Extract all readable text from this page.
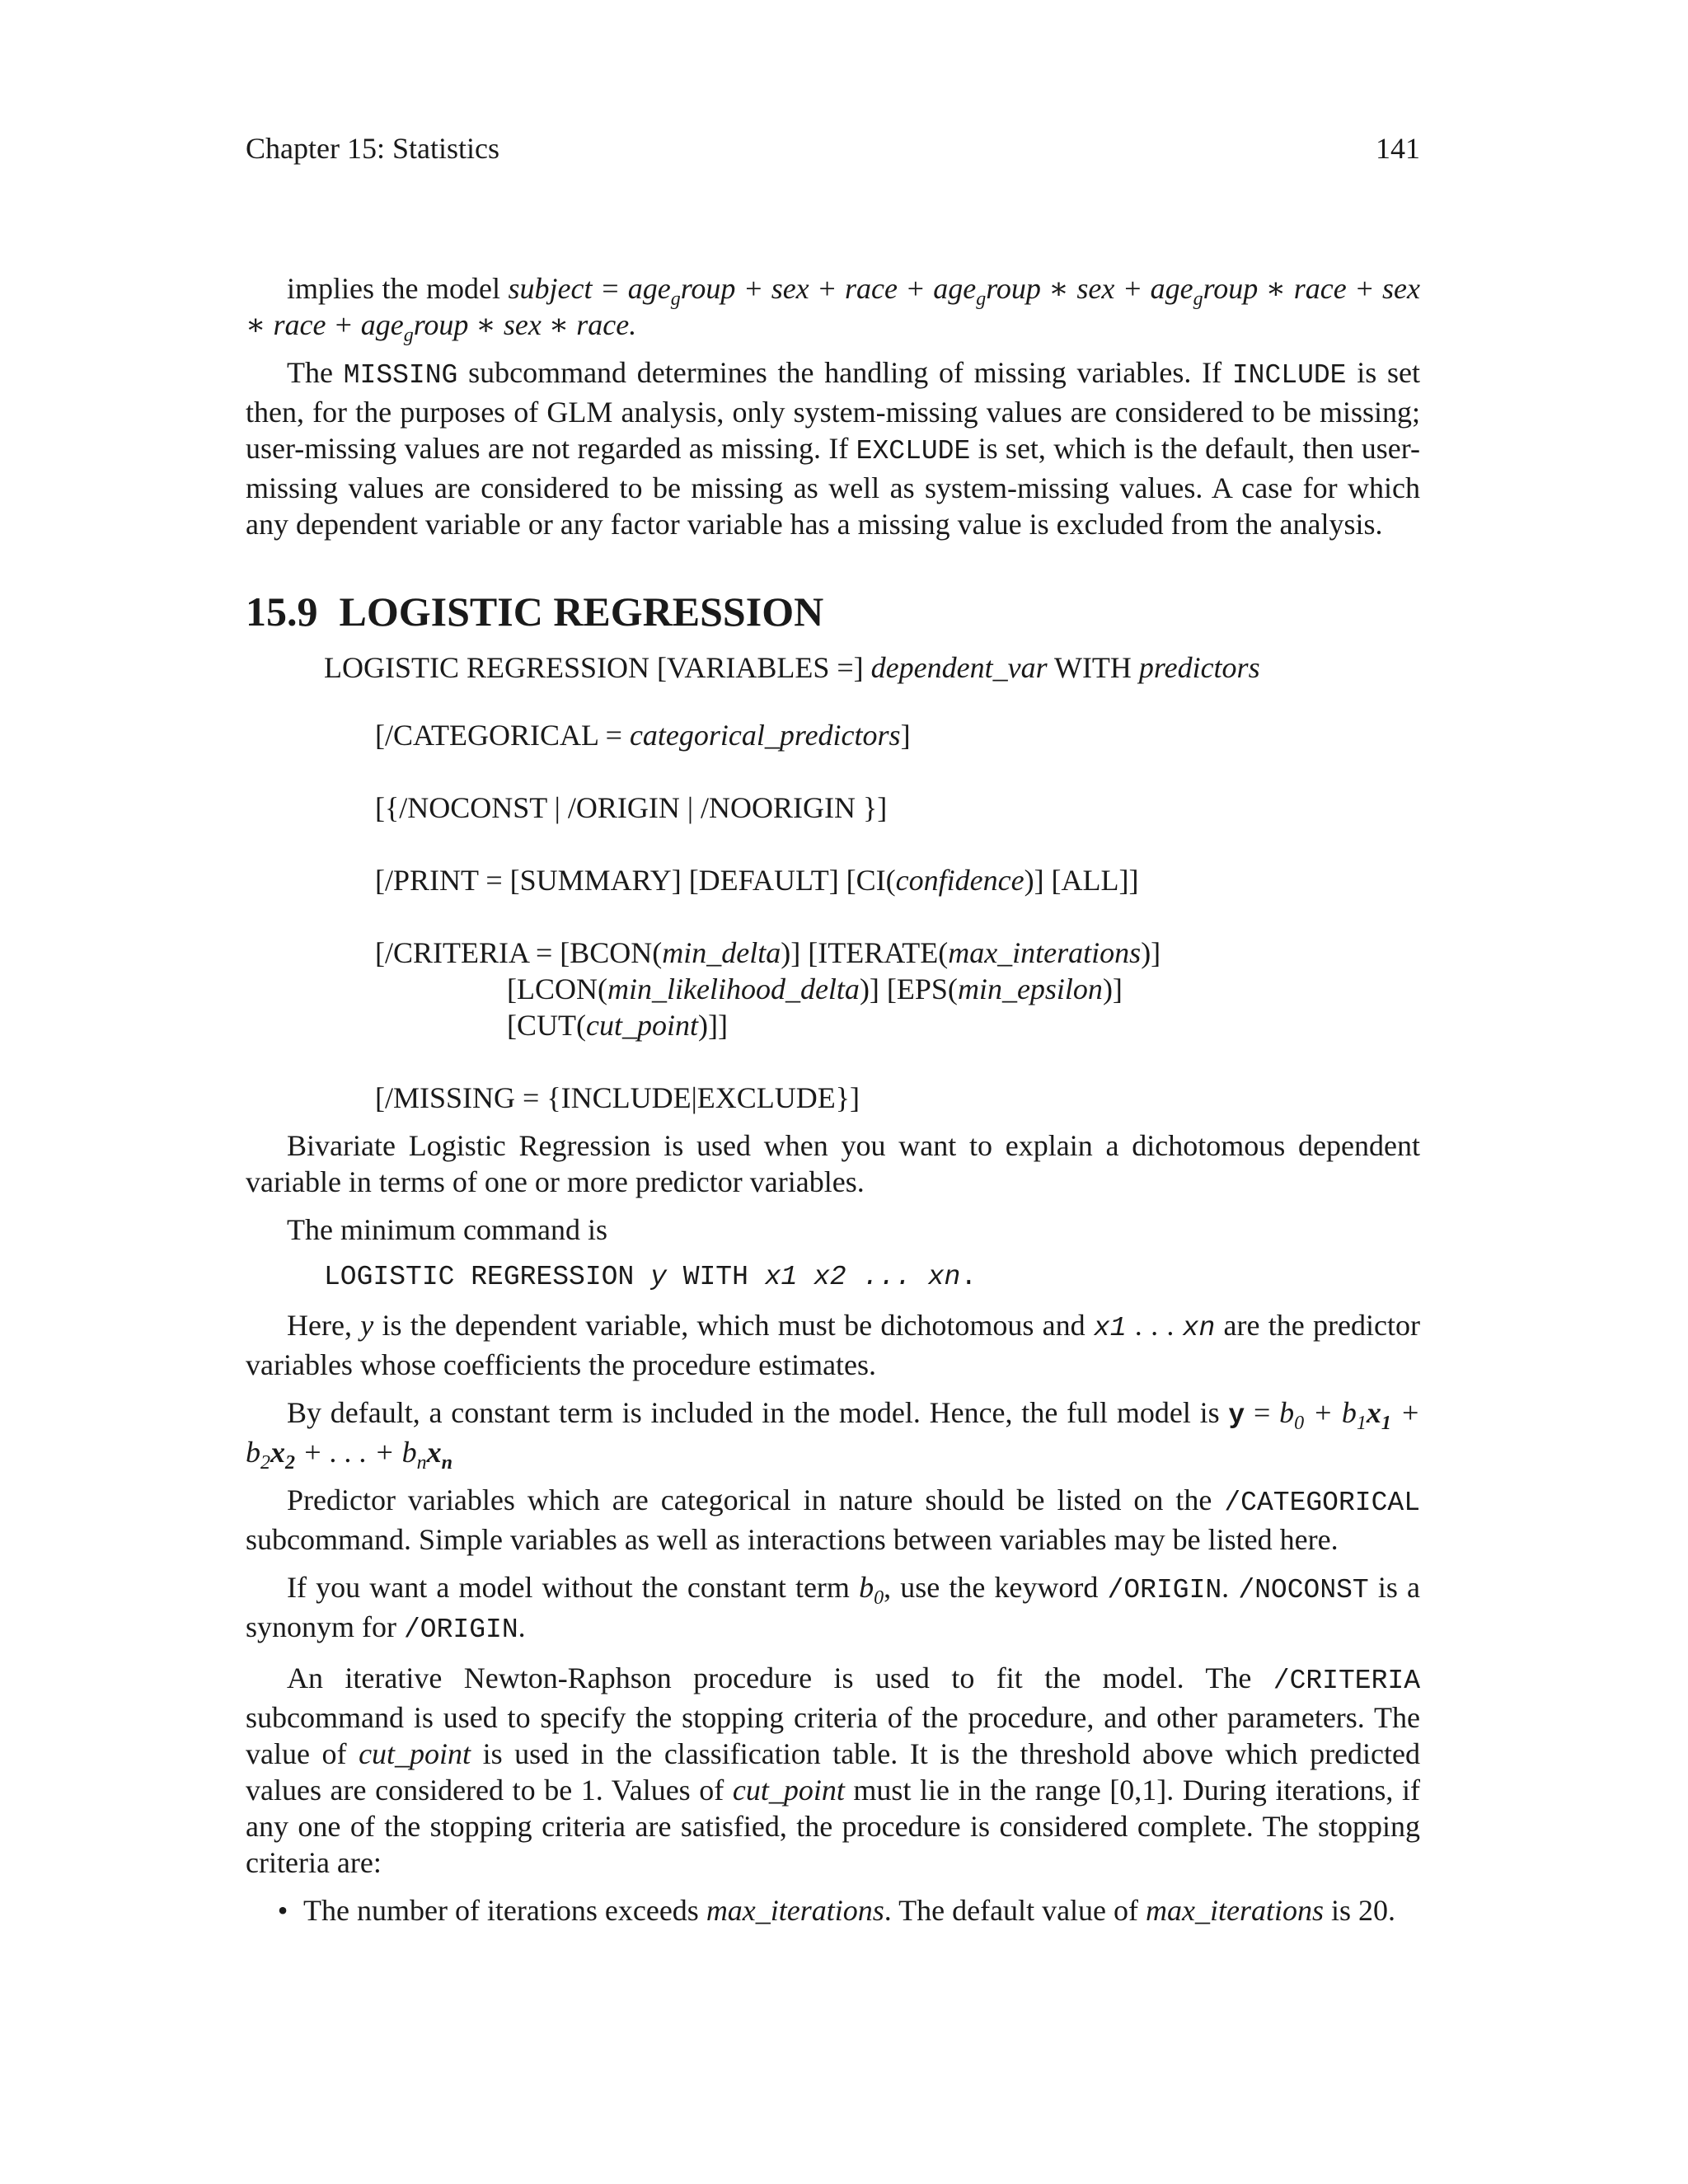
Chapter 15: Statistics	141

implies the model subject = age$_g$roup + sex + race + age$_g$roup ∗ sex + age$_g$roup ∗ race + sex ∗ race + age$_g$roup ∗ sex ∗ race.

The MISSING subcommand determines the handling of missing variables. If INCLUDE is set then, for the purposes of GLM analysis, only system-missing values are considered to be missing; user-missing values are not regarded as missing. If EXCLUDE is set, which is the default, then user-missing values are considered to be missing as well as system-missing values. A case for which any dependent variable or any factor variable has a missing value is excluded from the analysis.

15.9 LOGISTIC REGRESSION
LOGISTIC REGRESSION [VARIABLES =] dependent_var WITH predictors
[/CATEGORICAL = categorical_predictors]
[{/NOCONST | /ORIGIN | /NOORIGIN }]
[/PRINT = [SUMMARY] [DEFAULT] [CI(confidence)] [ALL]]
[/CRITERIA = [BCON(min_delta)] [ITERATE(max_interations)]
[LCON(min_likelihood_delta)] [EPS(min_epsilon)]
[CUT(cut_point)]]
[/MISSING = {INCLUDE|EXCLUDE}]

Bivariate Logistic Regression is used when you want to explain a dichotomous dependent variable in terms of one or more predictor variables.

The minimum command is

LOGISTIC REGRESSION y WITH x1 x2 ... xn.

Here, y is the dependent variable, which must be dichotomous and x1 . . . xn are the predictor variables whose coefficients the procedure estimates.

By default, a constant term is included in the model. Hence, the full model is $y = b_0 + b_1x_1 + b_2x_2$ + . . . + $b_nx_n$

Predictor variables which are categorical in nature should be listed on the /CATEGORICAL subcommand. Simple variables as well as interactions between variables may be listed here.

If you want a model without the constant term $b_0$, use the keyword /ORIGIN. /NOCONST is a synonym for /ORIGIN.

An iterative Newton-Raphson procedure is used to fit the model. The /CRITERIA subcommand is used to specify the stopping criteria of the procedure, and other parameters. The value of cut_point is used in the classification table. It is the threshold above which predicted values are considered to be 1. Values of cut_point must lie in the range [0,1]. During iterations, if any one of the stopping criteria are satisfied, the procedure is considered complete. The stopping criteria are:

• The number of iterations exceeds max_iterations. The default value of max_iterations is 20.
